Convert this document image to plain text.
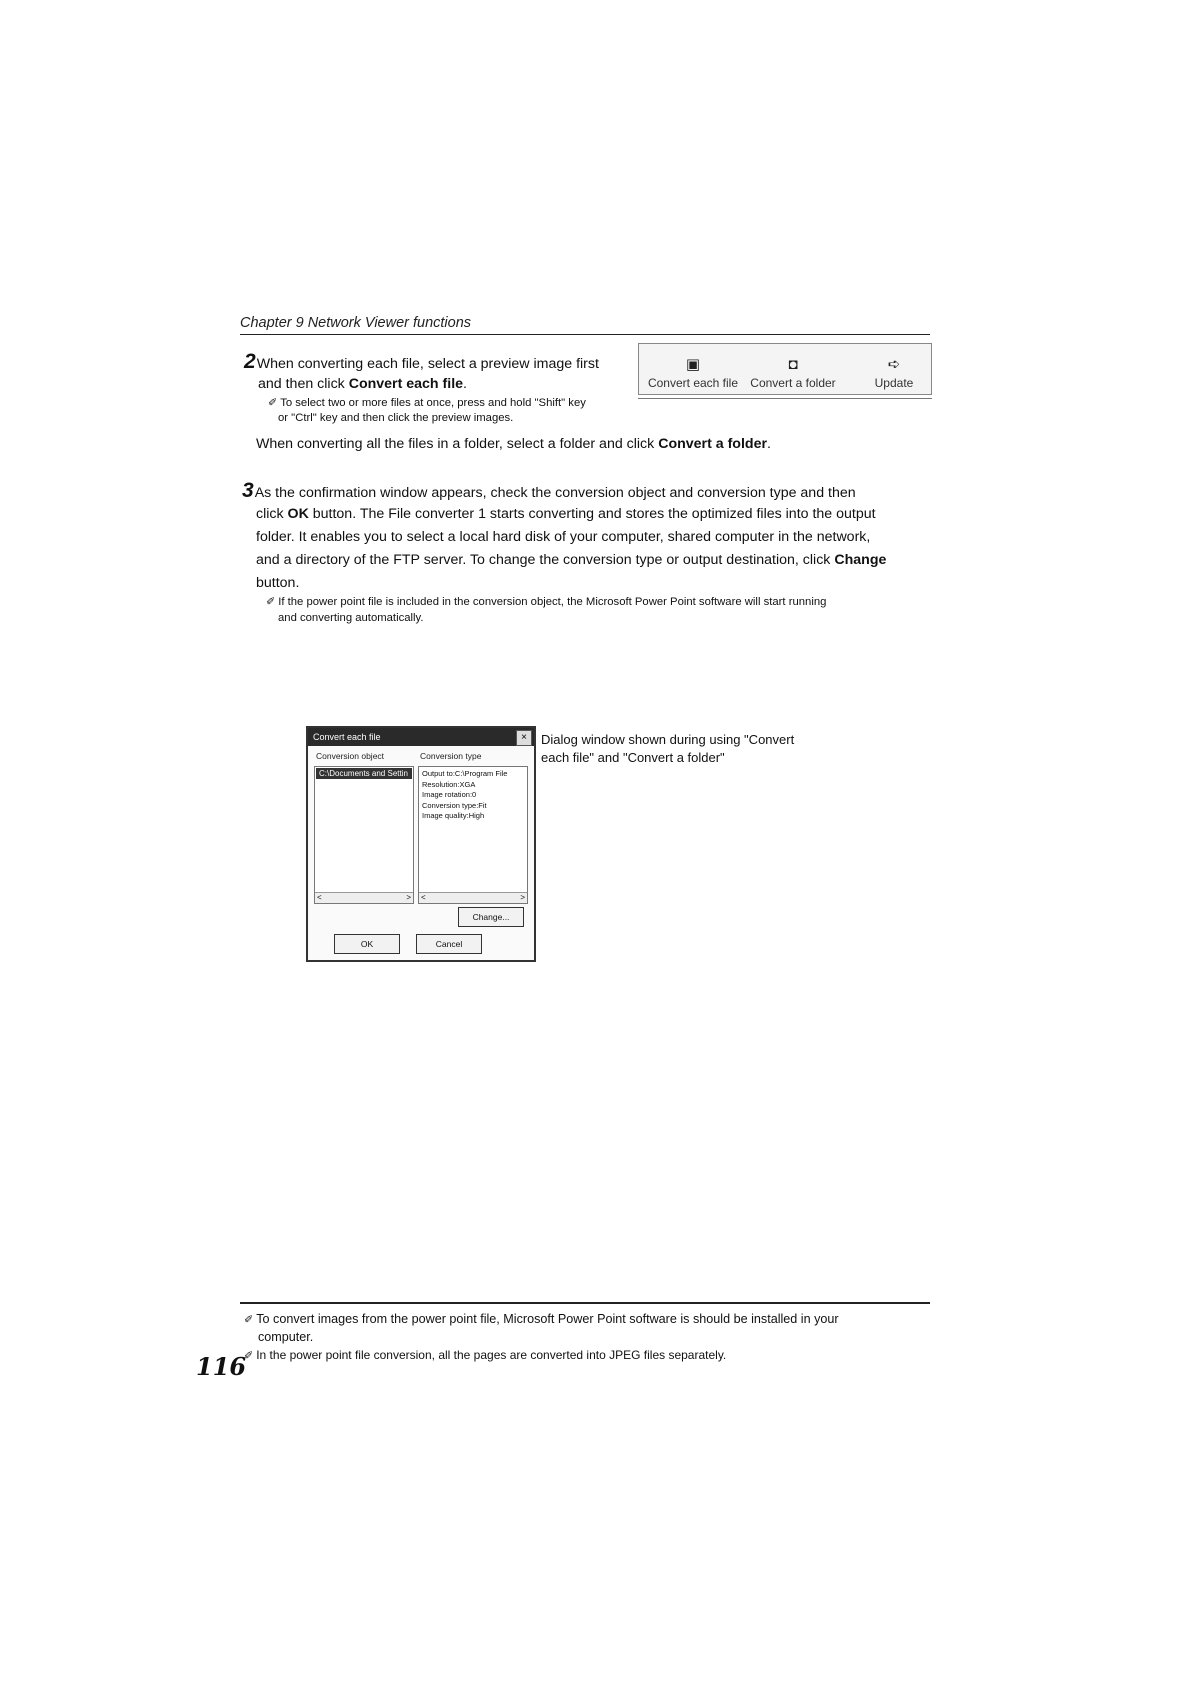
Chapter 9 Network Viewer functions
2When converting each file, select a preview image first
and then click Convert each file.
✐ To select two or more files at once, press and hold "Shift" key
or "Ctrl" key and then click the preview images.
When converting all the files in a folder, select a folder and click Convert a folder.
▣
Convert each file
◘
Convert a folder
➪
Update
3As the confirmation window appears, check the conversion object and conversion type and then
click OK button. The File converter 1 starts converting and stores the optimized files into the output
folder. It enables you to select a local hard disk of your computer, shared computer in the network,
and a directory of the FTP server. To change the conversion type or output destination, click Change
button.
✐ If the power point file is included in the conversion object, the Microsoft Power Point software will start running
and converting automatically.
Convert each file	×
Conversion object	Conversion type
C:\Documents and Settin
<	>
Output to:C:\Program File
Resolution:XGA
Image rotation:0
Conversion type:Fit
Image quality:High
<	>
Change...
OK	Cancel
Dialog window shown during using "Convert
each file" and "Convert a folder"
✐ To convert images from the power point file, Microsoft Power Point software is should be installed in your
computer.
✐ In the power point file conversion, all the pages are converted into JPEG files separately.
116
